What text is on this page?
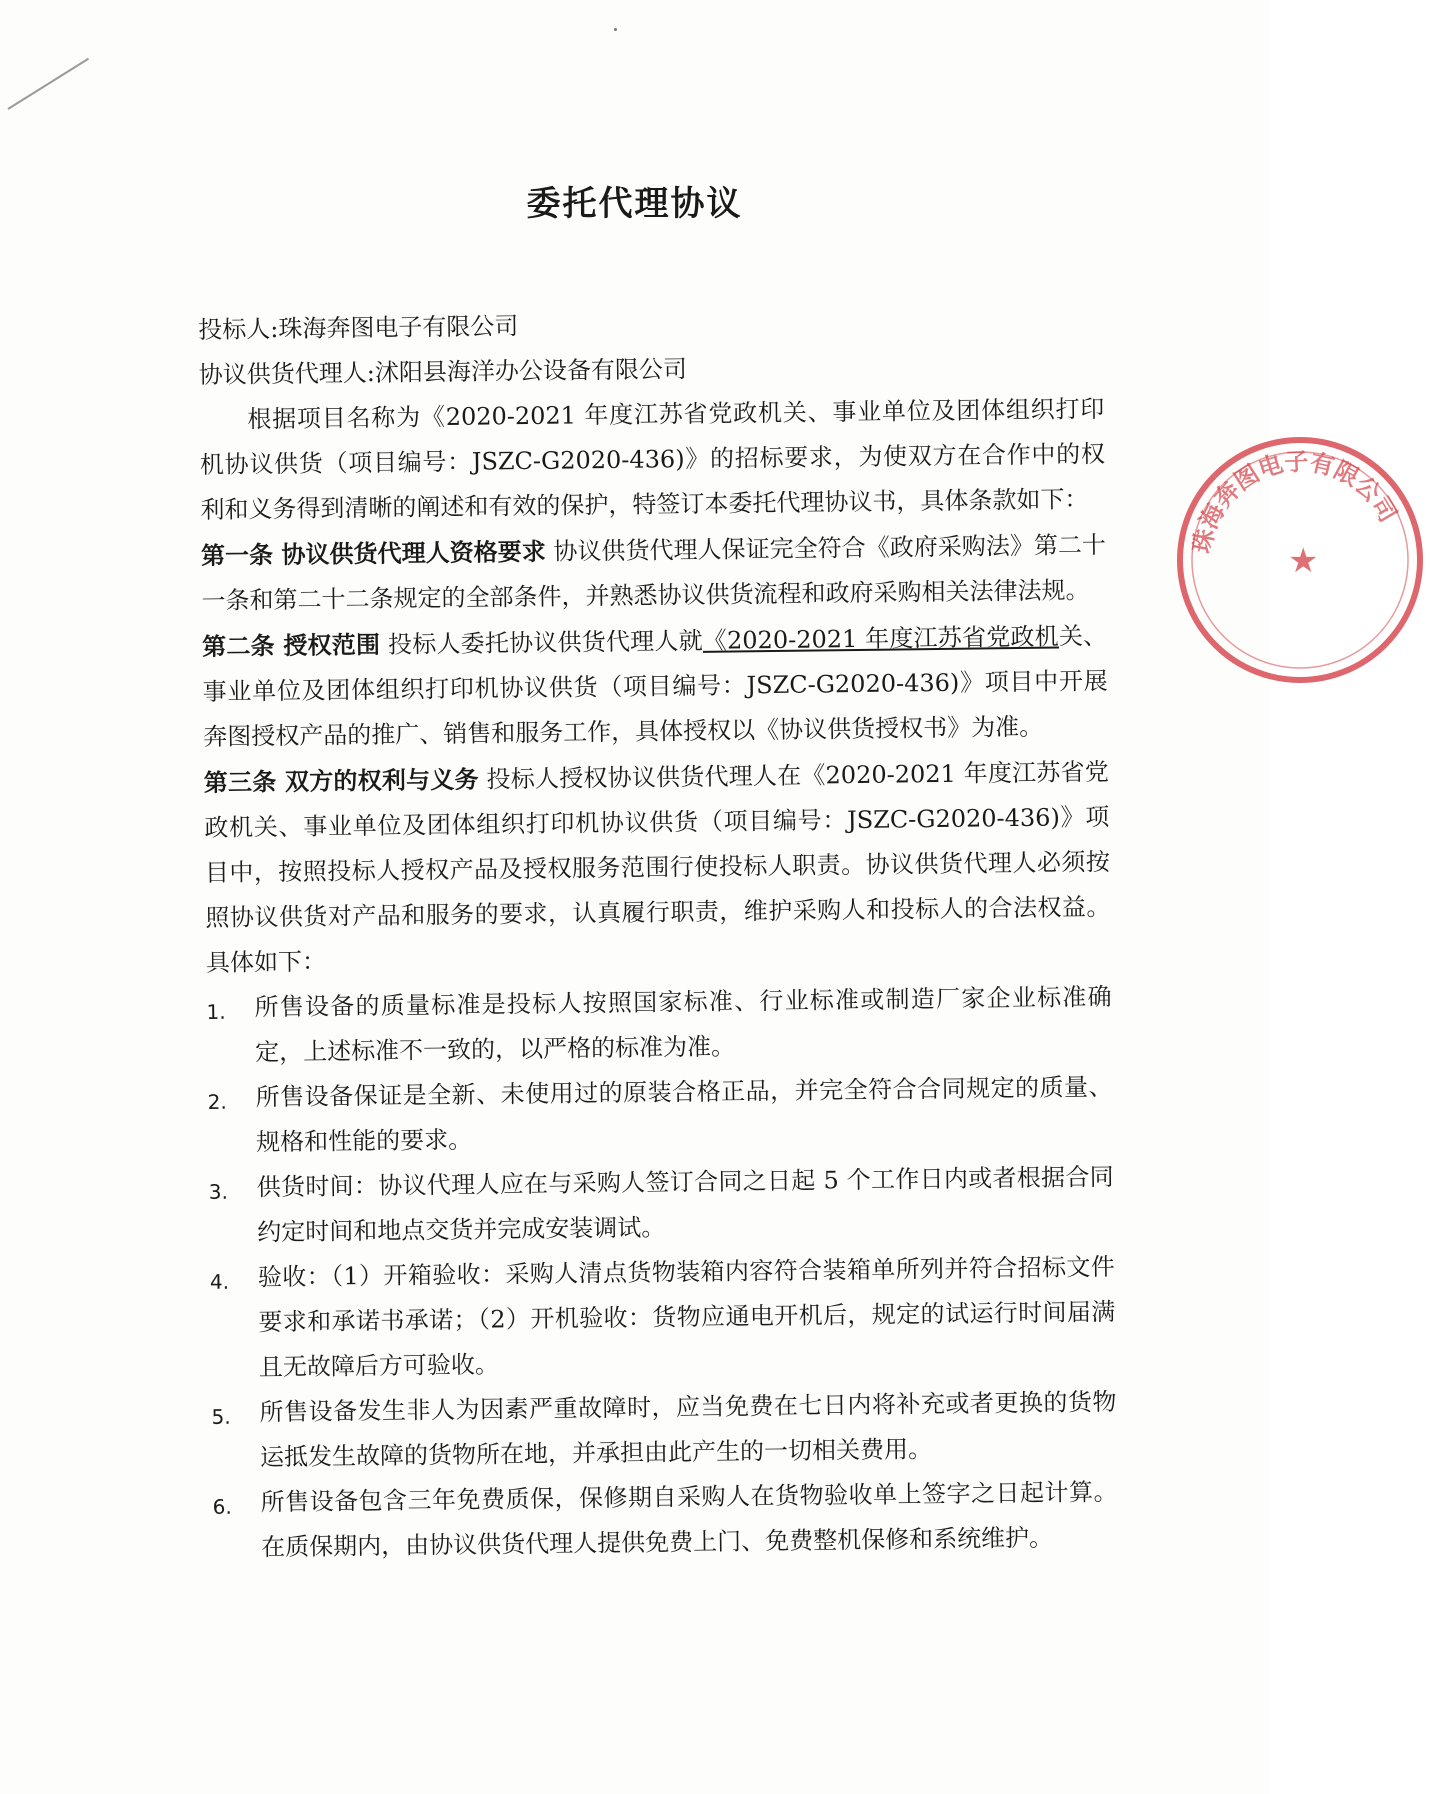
委托代理协议

投标人:珠海奔图电子有限公司

协议供货代理人:沭阳县海洋办公设备有限公司

根据项目名称为《2020-2021 年度江苏省党政机关、事业单位及团体组织打印机协议供货（项目编号：JSZC-G2020-436)》的招标要求，为使双方在合作中的权利和义务得到清晰的阐述和有效的保护，特签订本委托代理协议书，具体条款如下：

第一条 协议供货代理人资格要求 协议供货代理人保证完全符合《政府采购法》第二十一条和第二十二条规定的全部条件，并熟悉协议供货流程和政府采购相关法律法规。

第二条 授权范围 投标人委托协议供货代理人就《2020-2021 年度江苏省党政机关、事业单位及团体组织打印机协议供货（项目编号：JSZC-G2020-436)》项目中开展奔图授权产品的推广、销售和服务工作，具体授权以《协议供货授权书》为准。

第三条 双方的权利与义务 投标人授权协议供货代理人在《2020-2021 年度江苏省党政机关、事业单位及团体组织打印机协议供货（项目编号：JSZC-G2020-436)》项目中，按照投标人授权产品及授权服务范围行使投标人职责。协议供货代理人必须按照协议供货对产品和服务的要求，认真履行职责，维护采购人和投标人的合法权益。具体如下：

1.	所售设备的质量标准是投标人按照国家标准、行业标准或制造厂家企业标准确定，上述标准不一致的，以严格的标准为准。
2.	所售设备保证是全新、未使用过的原装合格正品，并完全符合合同规定的质量、规格和性能的要求。
3.	供货时间：协议代理人应在与采购人签订合同之日起 5 个工作日内或者根据合同约定时间和地点交货并完成安装调试。
4.	验收：（1）开箱验收：采购人清点货物装箱内容符合装箱单所列并符合招标文件要求和承诺书承诺；（2）开机验收：货物应通电开机后，规定的试运行时间届满且无故障后方可验收。
5.	所售设备发生非人为因素严重故障时，应当免费在七日内将补充或者更换的货物运抵发生故障的货物所在地，并承担由此产生的一切相关费用。
6.	所售设备包含三年免费质保，保修期自采购人在货物验收单上签字之日起计算。在质保期内，由协议供货代理人提供免费上门、免费整机保修和系统维护。
珠海奔图电子有限公司
★
